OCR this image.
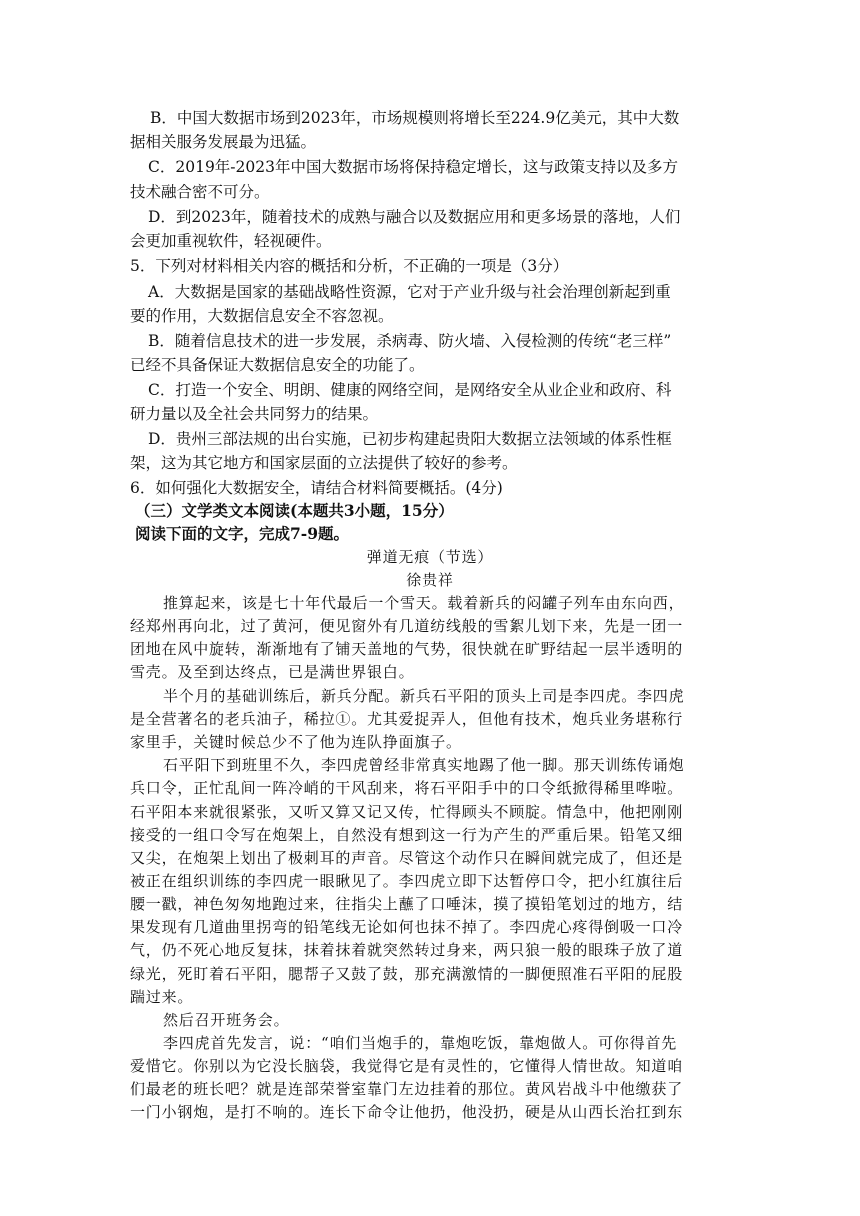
B．中国大数据市场到2023年，市场规模则将增长至224.9亿美元，其中大数
据相关服务发展最为迅猛。
C．2019年-2023年中国大数据市场将保持稳定增长，这与政策支持以及多方
技术融合密不可分。
D．到2023年，随着技术的成熟与融合以及数据应用和更多场景的落地，人们
会更加重视软件，轻视硬件。
5．下列对材料相关内容的概括和分析，不正确的一项是（3分）
A．大数据是国家的基础战略性资源，它对于产业升级与社会治理创新起到重
要的作用，大数据信息安全不容忽视。
B．随着信息技术的进一步发展，杀病毒、防火墙、入侵检测的传统“老三样”
已经不具备保证大数据信息安全的功能了。
C．打造一个安全、明朗、健康的网络空间，是网络安全从业企业和政府、科
研力量以及全社会共同努力的结果。
D．贵州三部法规的出台实施，已初步构建起贵阳大数据立法领域的体系性框
架，这为其它地方和国家层面的立法提供了较好的参考。
6．如何强化大数据安全，请结合材料简要概括。(4分)
（三）文学类文本阅读(本题共3小题，15分）
阅读下面的文字，完成7-9题。
弹道无痕（节选）
徐贵祥
推算起来，该是七十年代最后一个雪天。载着新兵的闷罐子列车由东向西，
经郑州再向北，过了黄河，便见窗外有几道纺线般的雪絮儿划下来，先是一团一
团地在风中旋转，渐渐地有了铺天盖地的气势，很快就在旷野结起一层半透明的
雪壳。及至到达终点，已是满世界银白。
半个月的基础训练后，新兵分配。新兵石平阳的顶头上司是李四虎。李四虎
是全营著名的老兵油子，稀拉①。尤其爱捉弄人，但他有技术，炮兵业务堪称行
家里手，关键时候总少不了他为连队挣面旗子。
石平阳下到班里不久，李四虎曾经非常真实地踢了他一脚。那天训练传诵炮
兵口令，正忙乱间一阵冷峭的干风刮来，将石平阳手中的口令纸掀得稀里哗啦。
石平阳本来就很紧张，又听又算又记又传，忙得顾头不顾腚。情急中，他把刚刚
接受的一组口令写在炮架上，自然没有想到这一行为产生的严重后果。铅笔又细
又尖，在炮架上划出了极刺耳的声音。尽管这个动作只在瞬间就完成了，但还是
被正在组织训练的李四虎一眼瞅见了。李四虎立即下达暂停口令，把小红旗往后
腰一戳，神色匆匆地跑过来，往指尖上蘸了口唾沫，摸了摸铅笔划过的地方，结
果发现有几道曲里拐弯的铅笔线无论如何也抹不掉了。李四虎心疼得倒吸一口冷
气，仍不死心地反复抹，抹着抹着就突然转过身来，两只狼一般的眼珠子放了道
绿光，死盯着石平阳，腮帮子又鼓了鼓，那充满激情的一脚便照准石平阳的屁股
踹过来。
然后召开班务会。
李四虎首先发言，说：“咱们当炮手的，靠炮吃饭，靠炮做人。可你得首先
爱惜它。你别以为它没长脑袋，我觉得它是有灵性的，它懂得人情世故。知道咱
们最老的班长吧？就是连部荣誉室靠门左边挂着的那位。黄风岩战斗中他缴获了
一门小钢炮，是打不响的。连长下命令让他扔，他没扔，硬是从山西长治扛到东
